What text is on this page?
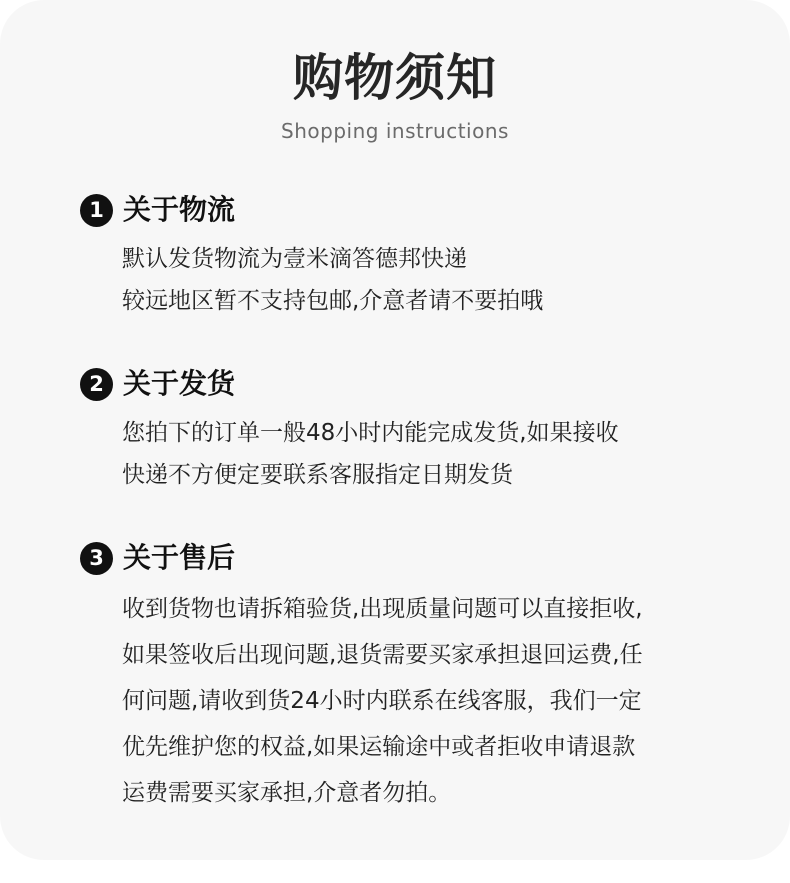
购物须知
Shopping instructions
1 关于物流
默认发货物流为壹米滴答德邦快递
较远地区暂不支持包邮,介意者请不要拍哦
2 关于发货
您拍下的订单一般48小时内能完成发货,如果接收
快递不方便定要联系客服指定日期发货
3 关于售后
收到货物也请拆箱验货,出现质量问题可以直接拒收,
如果签收后出现问题,退货需要买家承担退回运费,任
何问题,请收到货24小时内联系在线客服，我们一定
优先维护您的权益,如果运输途中或者拒收申请退款
运费需要买家承担,介意者勿拍。
